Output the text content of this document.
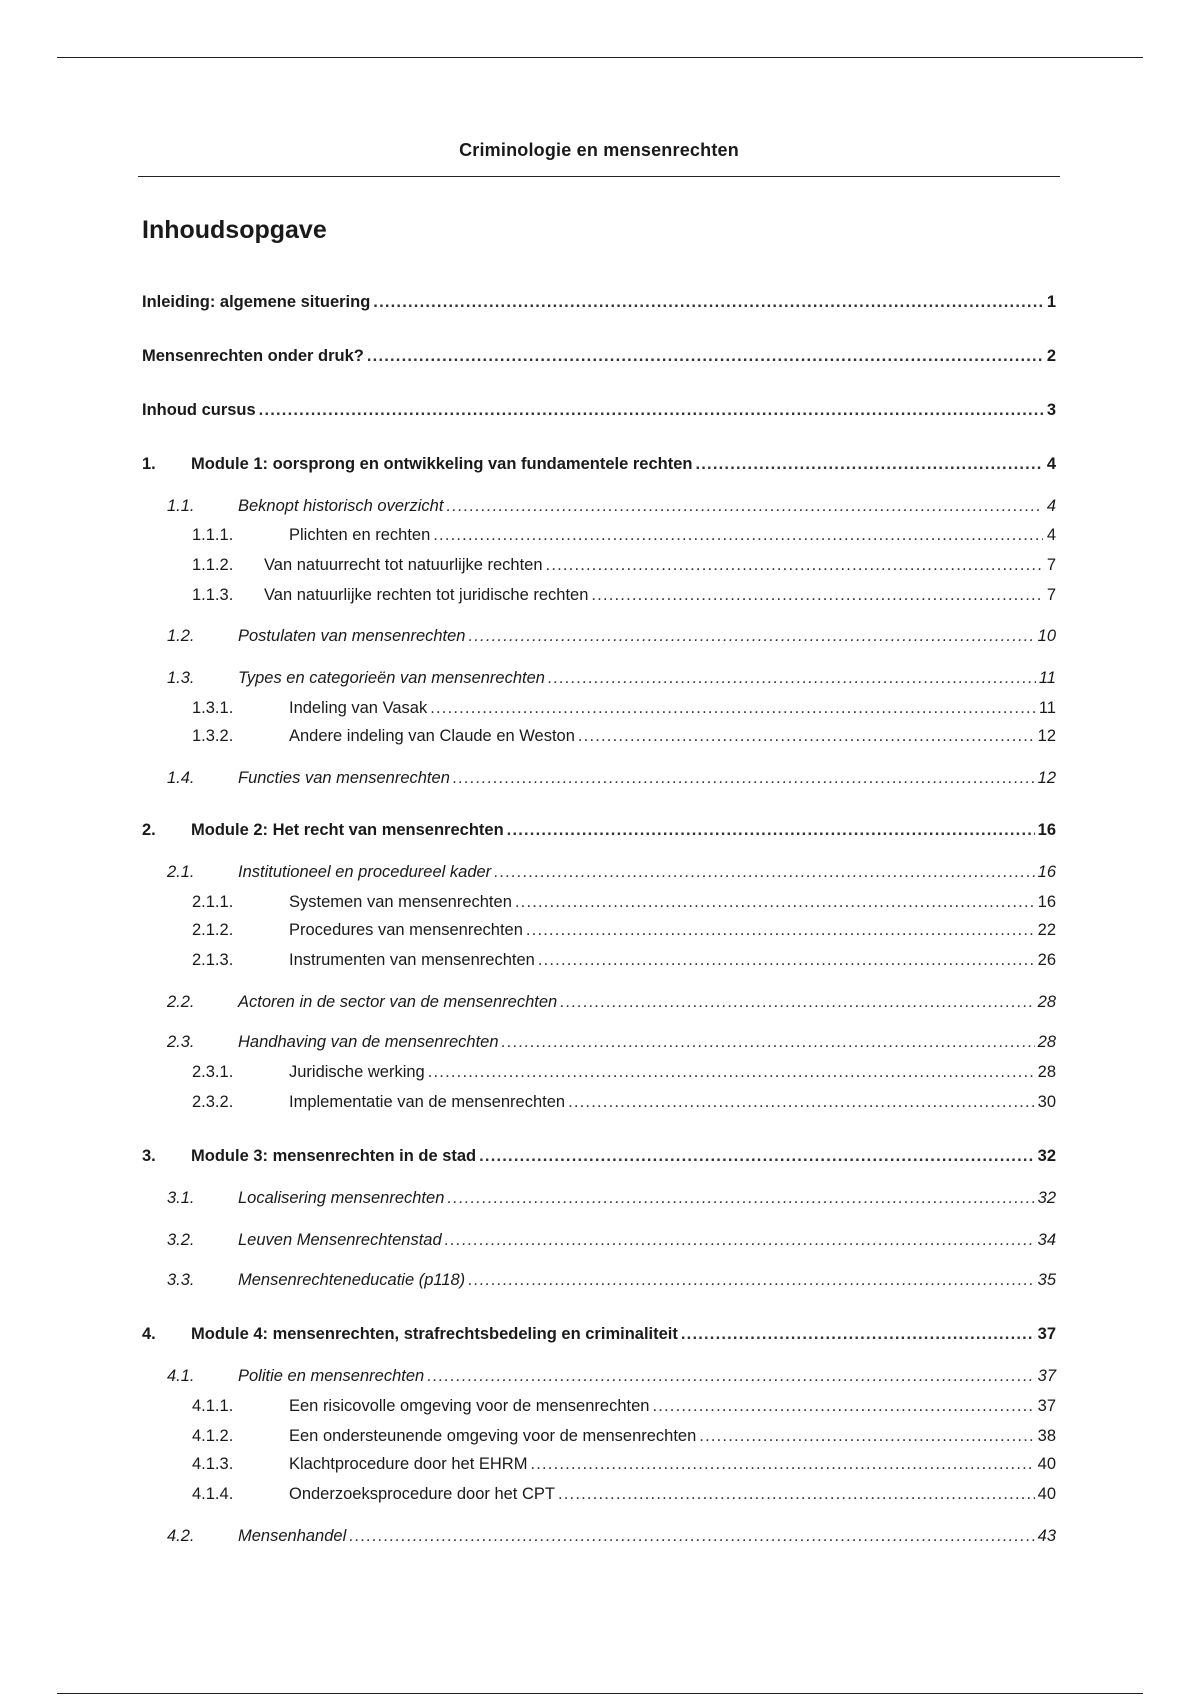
Criminologie en mensenrechten
Inhoudsopgave
Inleiding: algemene situering .....	1
Mensenrechten onder druk? .....	2
Inhoud cursus .....	3
1.	Module 1: oorsprong en ontwikkeling van fundamentele rechten .....	4
1.1.	Beknopt historisch overzicht .....	4
1.1.1.	Plichten en rechten .....	4
1.1.2.	Van natuurrecht tot natuurlijke rechten .....	7
1.1.3.	Van natuurlijke rechten tot juridische rechten .....	7
1.2.	Postulaten van mensenrechten .....	10
1.3.	Types en categorieën van mensenrechten .....	11
1.3.1.	Indeling van Vasak .....	11
1.3.2.	Andere indeling van Claude en Weston .....	12
1.4.	Functies van mensenrechten .....	12
2.	Module 2: Het recht van mensenrechten .....	16
2.1.	Institutioneel en procedureel kader .....	16
2.1.1.	Systemen van mensenrechten .....	16
2.1.2.	Procedures van mensenrechten .....	22
2.1.3.	Instrumenten van mensenrechten .....	26
2.2.	Actoren in de sector van de mensenrechten .....	28
2.3.	Handhaving van de mensenrechten .....	28
2.3.1.	Juridische werking .....	28
2.3.2.	Implementatie van de mensenrechten .....	30
3.	Module 3: mensenrechten in de stad .....	32
3.1.	Localisering mensenrechten .....	32
3.2.	Leuven Mensenrechtenstad .....	34
3.3.	Mensenrechteneducatie (p118) .....	35
4.	Module 4: mensenrechten, strafrechtsbedeling en criminaliteit .....	37
4.1.	Politie en mensenrechten .....	37
4.1.1.	Een risicovolle omgeving voor de mensenrechten .....	37
4.1.2.	Een ondersteunende omgeving voor de mensenrechten .....	38
4.1.3.	Klachtprocedure door het EHRM .....	40
4.1.4.	Onderzoeksprocedure door het CPT .....	40
4.2.	Mensenhandel .....	43
